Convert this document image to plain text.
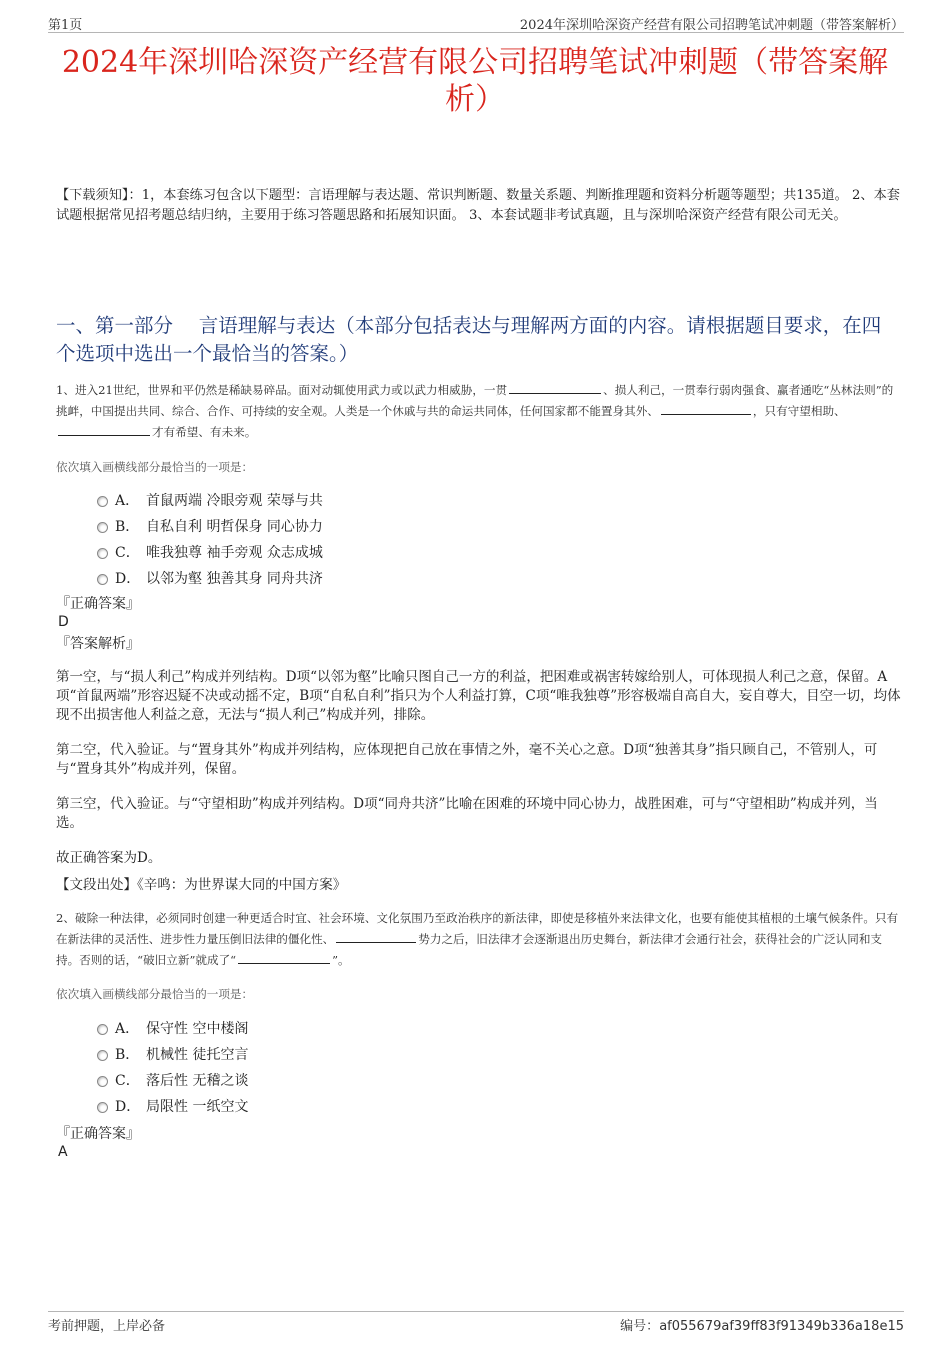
第1页	2024年深圳哈深资产经营有限公司招聘笔试冲刺题（带答案解析）
2024年深圳哈深资产经营有限公司招聘笔试冲刺题（带答案解析）
【下载须知】：1，本套练习包含以下题型：言语理解与表达题、常识判断题、数量关系题、判断推理题和资料分析题等题型；共135道。 2、本套试题根据常见招考题总结归纳，主要用于练习答题思路和拓展知识面。 3、本套试题非考试真题，且与深圳哈深资产经营有限公司无关。
一、第一部分　 言语理解与表达（本部分包括表达与理解两方面的内容。请根据题目要求，在四个选项中选出一个最恰当的答案。）
1、进入21世纪，世界和平仍然是稀缺易碎品。面对动辄使用武力或以武力相威胁，一贯	、损人利己，一贯奉行弱肉强食、赢者通吃“丛林法则”的挑衅，中国提出共同、综合、合作、可持续的安全观。人类是一个休戚与共的命运共同体，任何国家都不能置身其外、	，只有守望相助、才有希望、有未来。
依次填入画横线部分最恰当的一项是：
A． 首鼠两端 冷眼旁观 荣辱与共
B． 自私自利 明哲保身 同心协力
C． 唯我独尊 袖手旁观 众志成城
D． 以邻为壑 独善其身 同舟共济
『正确答案』
D
『答案解析』

第一空，与“损人利己”构成并列结构。D项“以邻为壑”比喻只图自己一方的利益，把困难或祸害转嫁给别人，可体现损人利己之意，保留。A项“首鼠两端”形容迟疑不决或动摇不定，B项“自私自利”指只为个人利益打算，C项“唯我独尊”形容极端自高自大，妄自尊大，目空一切，均体现不出损害他人利益之意，无法与“损人利己”构成并列，排除。

第二空，代入验证。与“置身其外”构成并列结构，应体现把自己放在事情之外，毫不关心之意。D项“独善其身”指只顾自己，不管别人，可与“置身其外”构成并列，保留。

第三空，代入验证。与“守望相助”构成并列结构。D项“同舟共济”比喻在困难的环境中同心协力，战胜困难，可与“守望相助”构成并列，当选。

故正确答案为D。

【文段出处】《辛鸣：为世界谋大同的中国方案》
2、破除一种法律，必须同时创建一种更适合时宜、社会环境、文化氛围乃至政治秩序的新法律，即使是移植外来法律文化，也要有能使其植根的土壤气候条件。只有在新法律的灵活性、进步性力量压倒旧法律的僵化性、	势力之后，旧法律才会逐渐退出历史舞台，新法律才会通行社会，获得社会的广泛认同和支持。否则的话，“破旧立新”就成了“	”。
依次填入画横线部分最恰当的一项是：
A． 保守性 空中楼阁
B． 机械性 徒托空言
C． 落后性 无稽之谈
D． 局限性 一纸空文
『正确答案』
A
考前押题，上岸必备	编号：af055679af39ff83f91349b336a18e15
